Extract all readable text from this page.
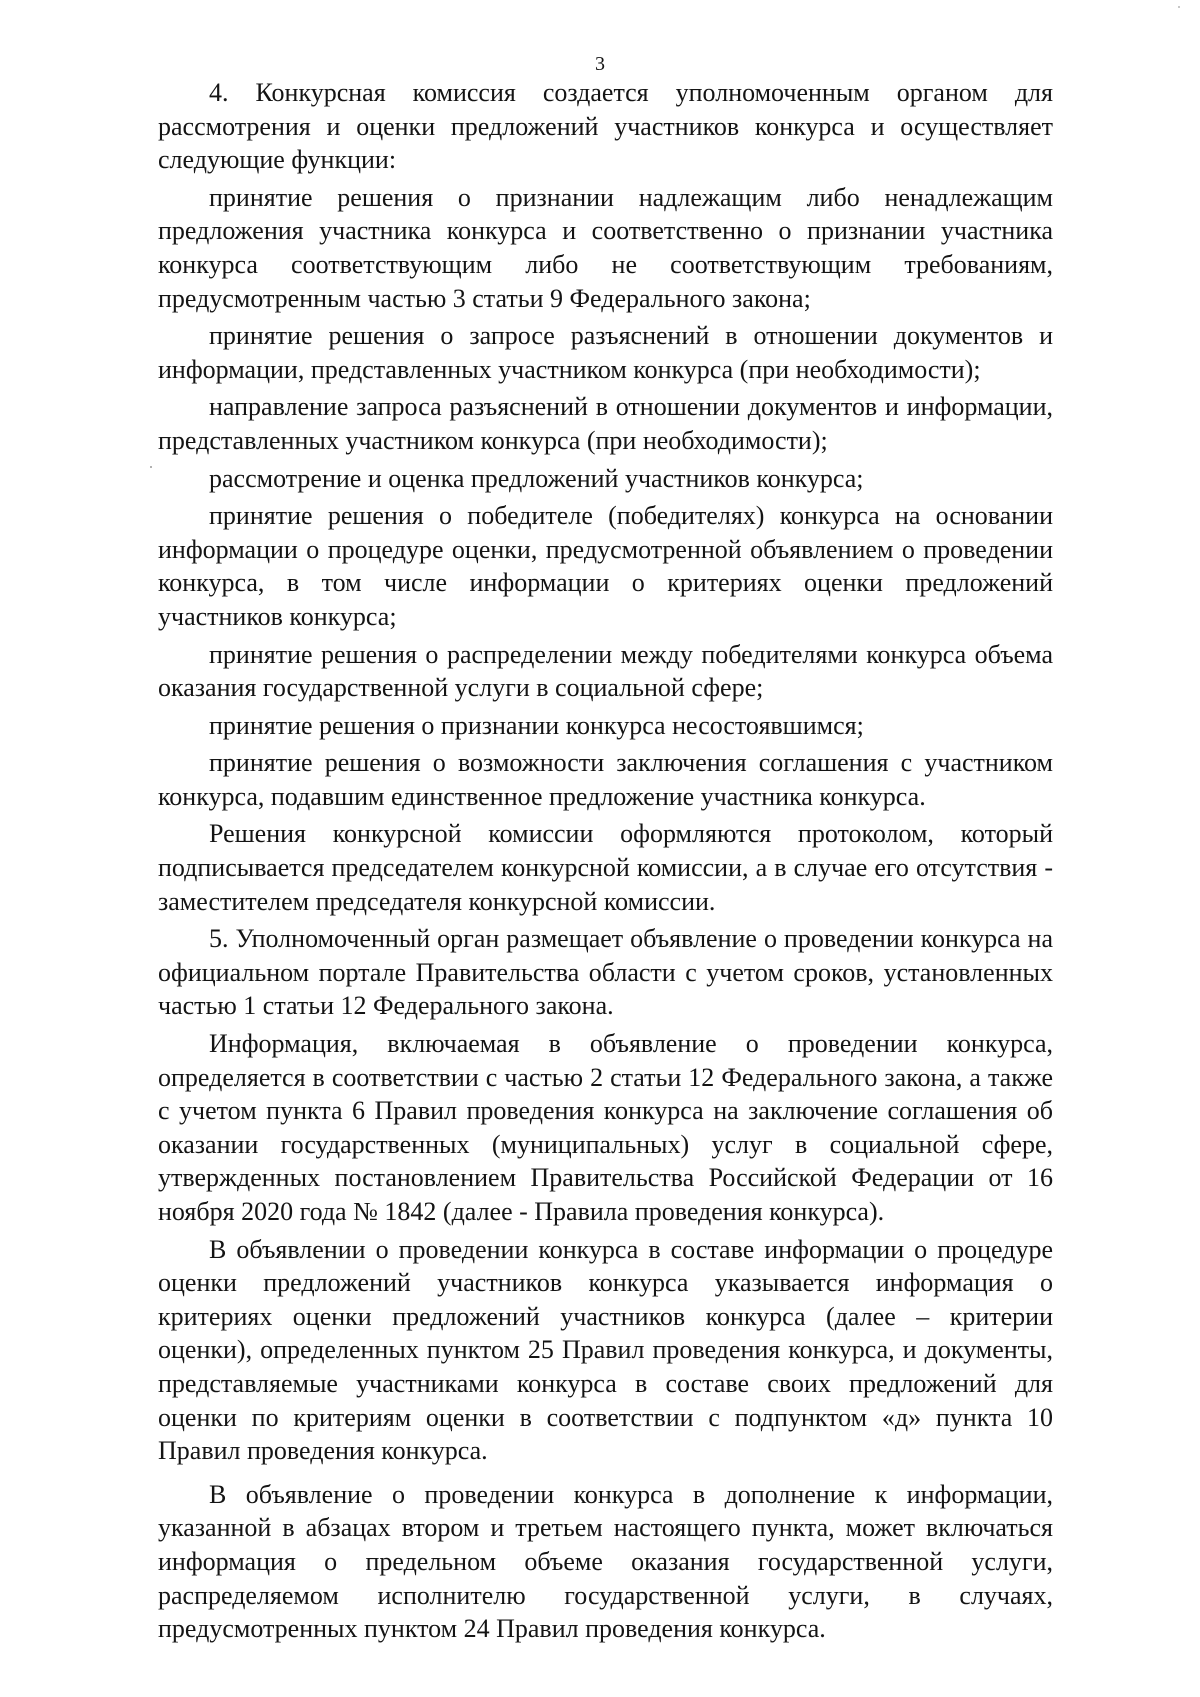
3

4. Конкурсная комиссия создается уполномоченным органом для рассмотрения и оценки предложений участников конкурса и осуществляет следующие функции:

принятие решения о признании надлежащим либо ненадлежащим предложения участника конкурса и соответственно о признании участника конкурса соответствующим либо не соответствующим требованиям, предусмотренным частью 3 статьи 9 Федерального закона;

принятие решения о запросе разъяснений в отношении документов и информации, представленных участником конкурса (при необходимости);

направление запроса разъяснений в отношении документов и информации, представленных участником конкурса (при необходимости);

рассмотрение и оценка предложений участников конкурса;

принятие решения о победителе (победителях) конкурса на основании информации о процедуре оценки, предусмотренной объявлением о проведении конкурса, в том числе информации о критериях оценки предложений участников конкурса;

принятие решения о распределении между победителями конкурса объема оказания государственной услуги в социальной сфере;

принятие решения о признании конкурса несостоявшимся;

принятие решения о возможности заключения соглашения с участником конкурса, подавшим единственное предложение участника конкурса.

Решения конкурсной комиссии оформляются протоколом, который подписывается председателем конкурсной комиссии, а в случае его отсутствия - заместителем председателя конкурсной комиссии.

5. Уполномоченный орган размещает объявление о проведении конкурса на официальном портале Правительства области с учетом сроков, установленных частью 1 статьи 12 Федерального закона.

Информация, включаемая в объявление о проведении конкурса, определяется в соответствии с частью 2 статьи 12 Федерального закона, а также с учетом пункта 6 Правил проведения конкурса на заключение соглашения об оказании государственных (муниципальных) услуг в социальной сфере, утвержденных постановлением Правительства Российской Федерации от 16 ноября 2020 года № 1842 (далее - Правила проведения конкурса).

В объявлении о проведении конкурса в составе информации о процедуре оценки предложений участников конкурса указывается информация о критериях оценки предложений участников конкурса (далее – критерии оценки), определенных пунктом 25 Правил проведения конкурса, и документы, представляемые участниками конкурса в составе своих предложений для оценки по критериям оценки в соответствии с подпунктом «д» пункта 10 Правил проведения конкурса.

В объявление о проведении конкурса в дополнение к информации, указанной в абзацах втором и третьем настоящего пункта, может включаться информация о предельном объеме оказания государственной услуги, распределяемом исполнителю государственной услуги, в случаях, предусмотренных пунктом 24 Правил проведения конкурса.
